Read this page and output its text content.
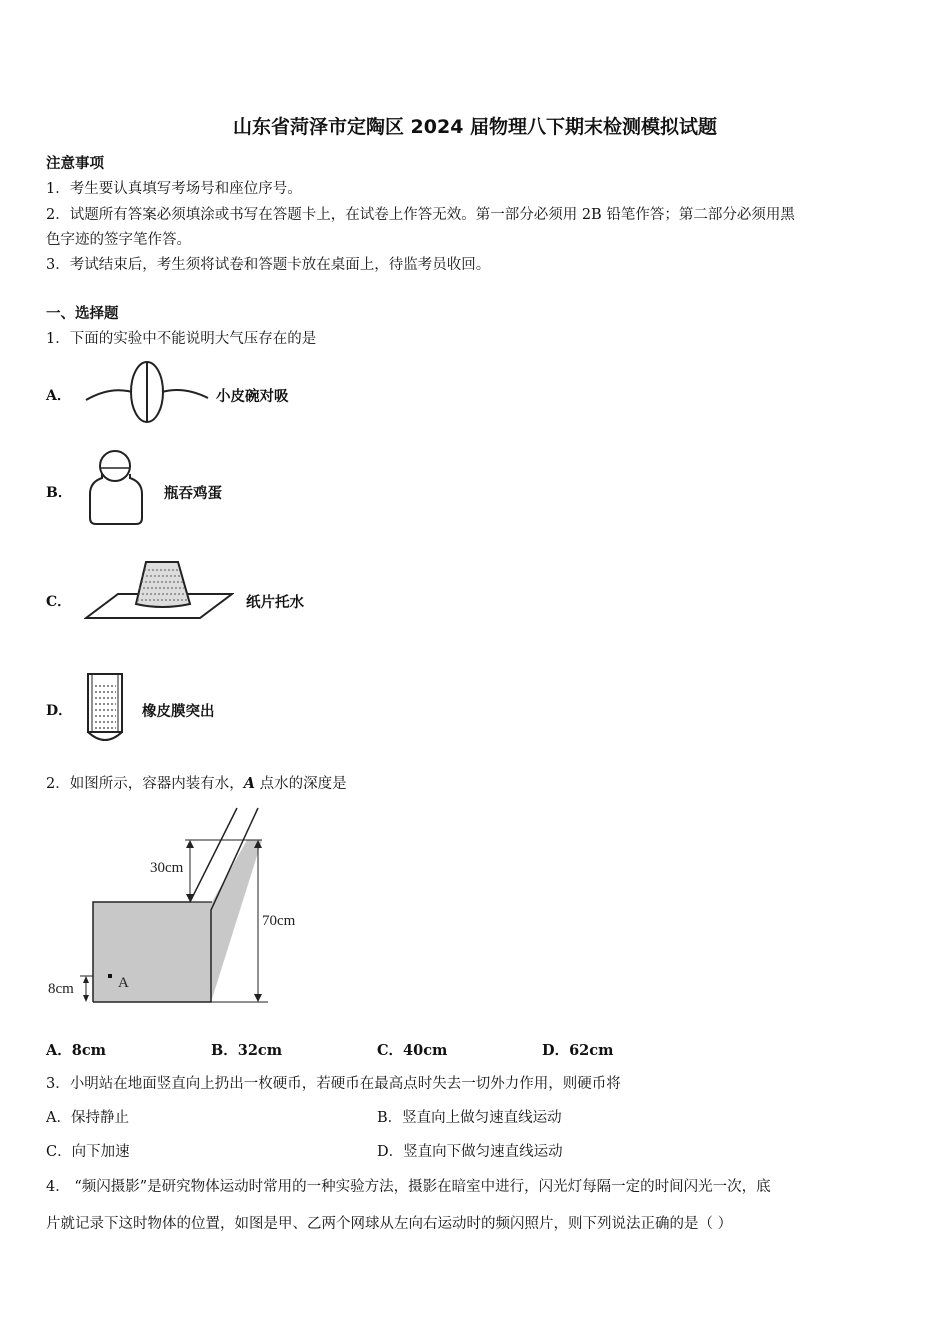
山东省菏泽市定陶区 2024 届物理八下期末检测模拟试题
注意事项
1．考生要认真填写考场号和座位序号。
2．试题所有答案必须填涂或书写在答题卡上，在试卷上作答无效。第一部分必须用 2B 铅笔作答；第二部分必须用黑
色字迹的签字笔作答。
3．考试结束后，考生须将试卷和答题卡放在桌面上，待监考员收回。
一、选择题
1．下面的实验中不能说明大气压存在的是
A．	小皮碗对吸
B．	瓶吞鸡蛋
C．	纸片托水
D．	橡皮膜突出
2．如图所示，容器内装有水，A 点水的深度是
30cm
70cm
8cm	A
A．8cm	B．32cm	C．40cm	D．62cm
3．小明站在地面竖直向上扔出一枚硬币，若硬币在最高点时失去一切外力作用，则硬币将
A．保持静止	B．竖直向上做匀速直线运动
C．向下加速	D．竖直向下做匀速直线运动
4． “频闪摄影”是研究物体运动时常用的一种实验方法，摄影在暗室中进行，闪光灯每隔一定的时间闪光一次，底
片就记录下这时物体的位置，如图是甲、乙两个网球从左向右运动时的频闪照片，则下列说法正确的是（ ）
